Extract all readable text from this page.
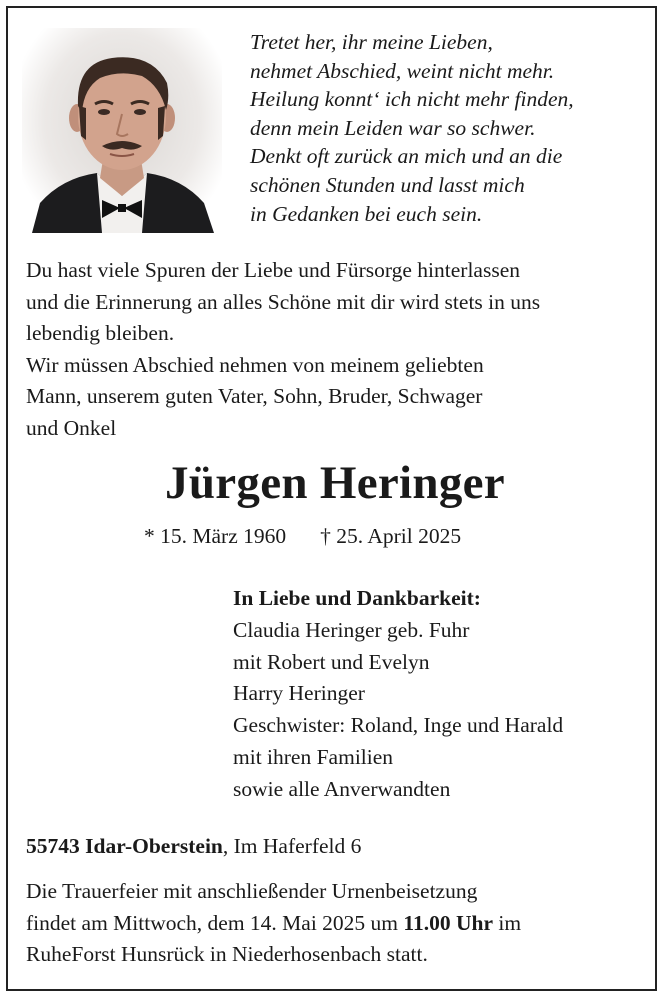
Tretet her, ihr meine Lieben,
nehmet Abschied, weint nicht mehr.
Heilung konnt‘ ich nicht mehr finden,
denn mein Leiden war so schwer.
Denkt oft zurück an mich und an die
schönen Stunden und lasst mich
in Gedanken bei euch sein.
Du hast viele Spuren der Liebe und Fürsorge hinterlassen
und die Erinnerung an alles Schöne mit dir wird stets in uns
lebendig bleiben.
Wir müssen Abschied nehmen von meinem geliebten
Mann, unserem guten Vater, Sohn, Bruder, Schwager
und Onkel
Jürgen Heringer
* 15. März 1960 † 25. April 2025
In Liebe und Dankbarkeit:
Claudia Heringer geb. Fuhr
mit Robert und Evelyn
Harry Heringer
Geschwister: Roland, Inge und Harald
mit ihren Familien
sowie alle Anverwandten
55743 Idar-Oberstein, Im Haferfeld 6
Die Trauerfeier mit anschließender Urnenbeisetzung
findet am Mittwoch, dem 14. Mai 2025 um 11.00 Uhr im
RuheForst Hunsrück in Niederhosenbach statt.
